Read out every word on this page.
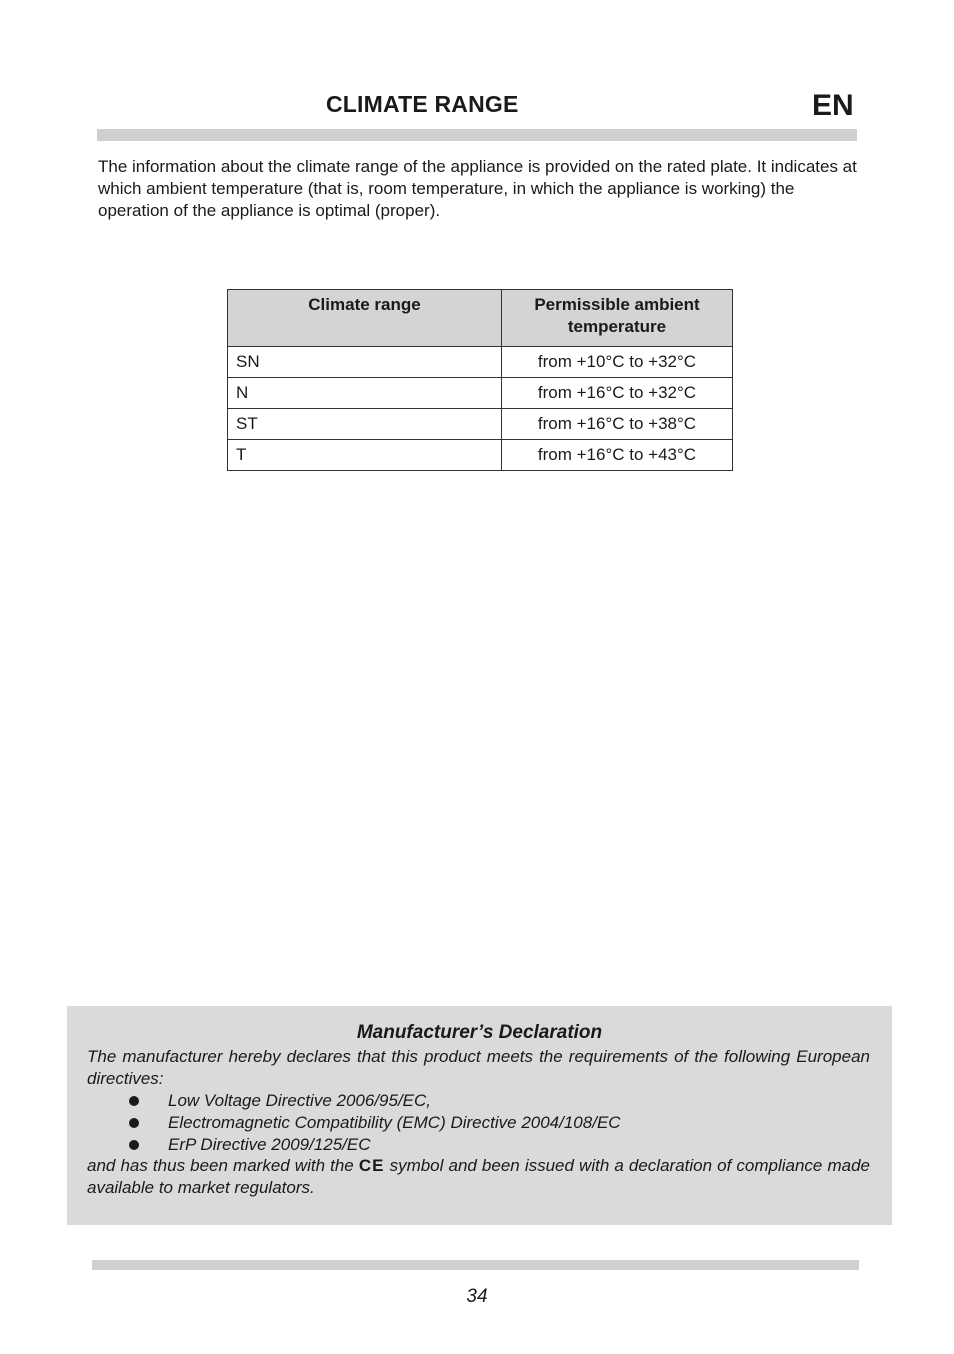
CLIMATE RANGE	EN

The information about the climate range of the appliance is provided on the rated plate. It indicates at which ambient temperature (that is, room temperature, in which the appliance is working) the operation of the appliance is optimal (proper).

Climate range	Permissible ambient temperature
SN	from +10°C to +32°C
N	from +16°C to +32°C
ST	from +16°C to +38°C
T	from +16°C to +43°C
Manufacturer’s Declaration

The manufacturer hereby declares that this product meets the requirements of the following European directives:

Low Voltage Directive 2006/95/EC,
Electromagnetic Compatibility (EMC) Directive 2004/108/EC
ErP Directive 2009/125/EC

and has thus been marked with the CE symbol and been issued with a declaration of compliance made available to market regulators.

34
